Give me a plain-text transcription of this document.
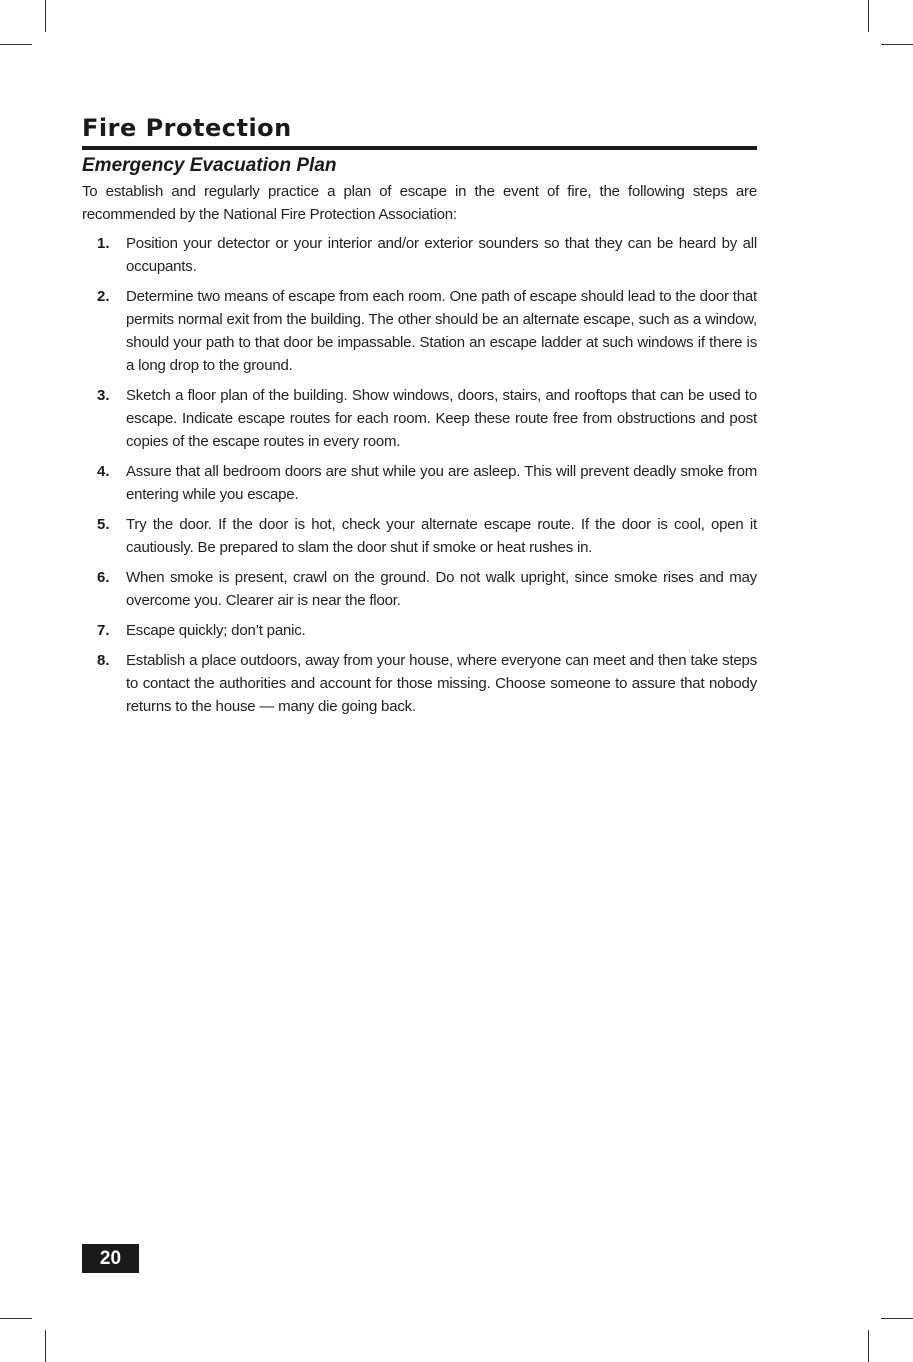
Fire Protection
Emergency Evacuation Plan

To establish and regularly practice a plan of escape in the event of fire, the following steps are recommended by the National Fire Protection Association:

1.	Position your detector or your interior and/or exterior sounders so that they can be heard by all occupants.
2.	Determine two means of escape from each room. One path of escape should lead to the door that permits normal exit from the building. The other should be an alternate escape, such as a window, should your path to that door be impassable. Station an escape ladder at such windows if there is a long drop to the ground.
3.	Sketch a floor plan of the building. Show windows, doors, stairs, and rooftops that can be used to escape. Indicate escape routes for each room. Keep these route free from obstructions and post copies of the escape routes in every room.
4.	Assure that all bedroom doors are shut while you are asleep. This will prevent deadly smoke from entering while you escape.
5.	Try the door. If the door is hot, check your alternate escape route. If the door is cool, open it cautiously. Be prepared to slam the door shut if smoke or heat rushes in.
6.	When smoke is present, crawl on the ground. Do not walk upright, since smoke rises and may overcome you. Clearer air is near the floor.
7.	Escape quickly; don’t panic.
8.	Establish a place outdoors, away from your house, where everyone can meet and then take steps to contact the authorities and account for those missing. Choose someone to assure that nobody returns to the house — many die going back.
20
